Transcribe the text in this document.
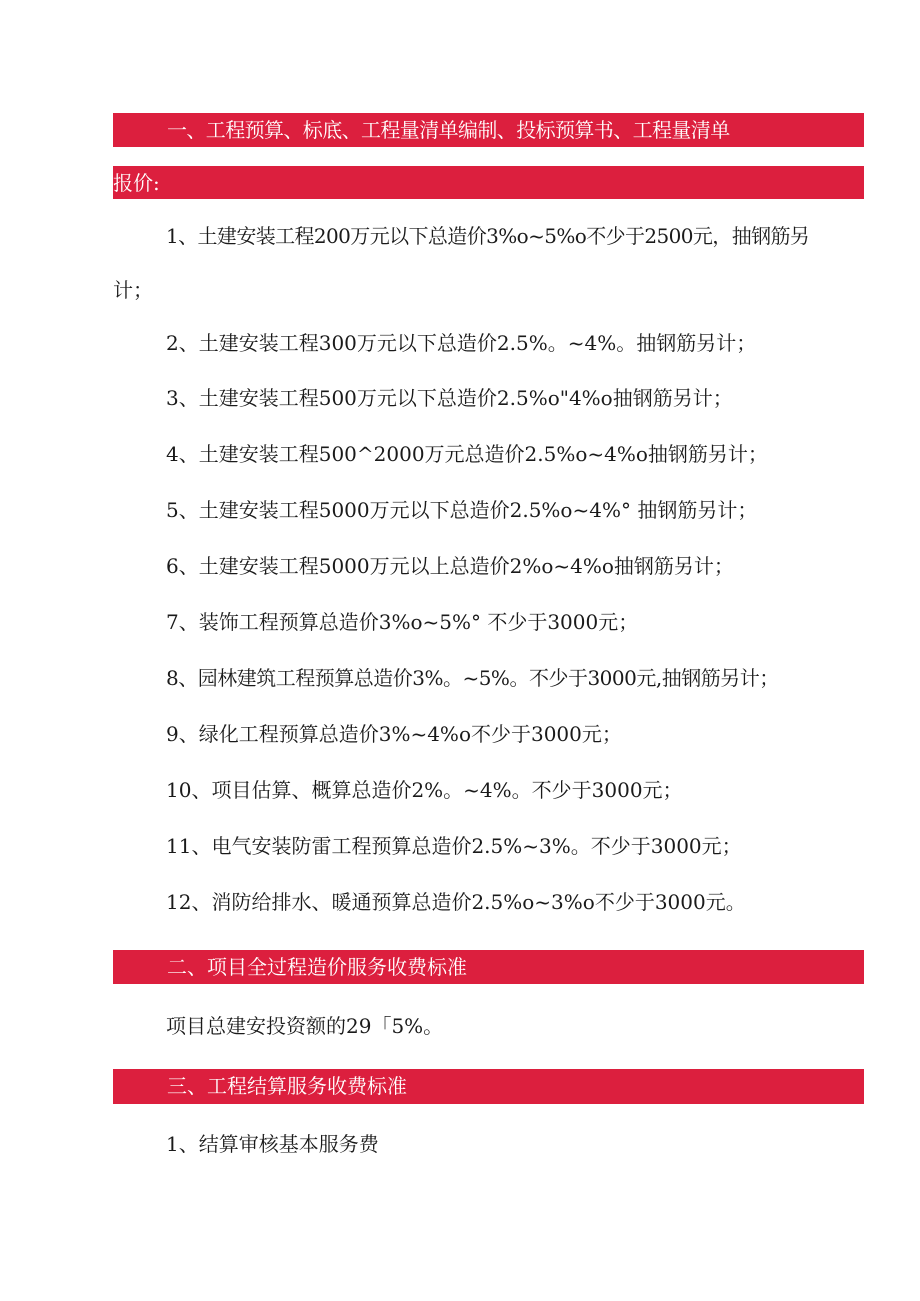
一、工程预算、标底、工程量清单编制、投标预算书、工程量清单
报价:
1、土建安装工程200万元以下总造价3%o~5%o不少于2500元，抽钢筋另
计；
2、土建安装工程300万元以下总造价2.5%。~4%。抽钢筋另计；
3、土建安装工程500万元以下总造价2.5%o"4%o抽钢筋另计；
4、土建安装工程500^2000万元总造价2.5%o~4%o抽钢筋另计；
5、土建安装工程5000万元以下总造价2.5%o~4%° 抽钢筋另计；
6、土建安装工程5000万元以上总造价2%o~4%o抽钢筋另计；
7、装饰工程预算总造价3%o~5%° 不少于3000元；
8、园林建筑工程预算总造价3%。~5%。不少于3000元,抽钢筋另计；
9、绿化工程预算总造价3%~4%o不少于3000元；
10、项目估算、概算总造价2%。~4%。不少于3000元；
11、电气安装防雷工程预算总造价2.5%~3%。不少于3000元；
12、消防给排水、暖通预算总造价2.5%o~3%o不少于3000元。
二、项目全过程造价服务收费标准
项目总建安投资额的29「5%。
三、工程结算服务收费标准
1、结算审核基本服务费
